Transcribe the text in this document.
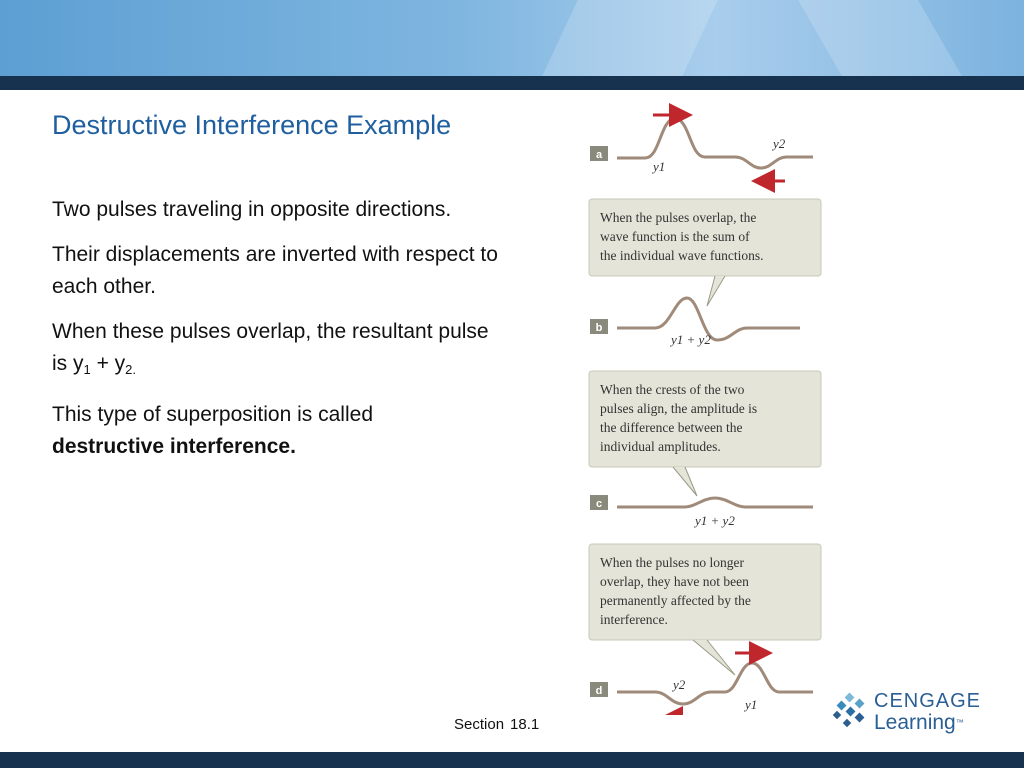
Destructive Interference Example

Two pulses traveling in opposite directions.

Their displacements are inverted with respect to each other.

When these pulses overlap, the resultant pulse is $y_1 + y_{2.}$

This type of superposition is called
destructive interference.

a
y1
y2
When the pulses overlap, the wave function is the sum of the individual wave functions.
b
y1 + y2
When the crests of the two pulses align, the amplitude is the difference between the individual amplitudes.
c
y1 + y2
When the pulses no longer overlap, they have not been permanently affected by the interference.
d	y2
y1
Section 18.1
CENGAGE
Learning™
